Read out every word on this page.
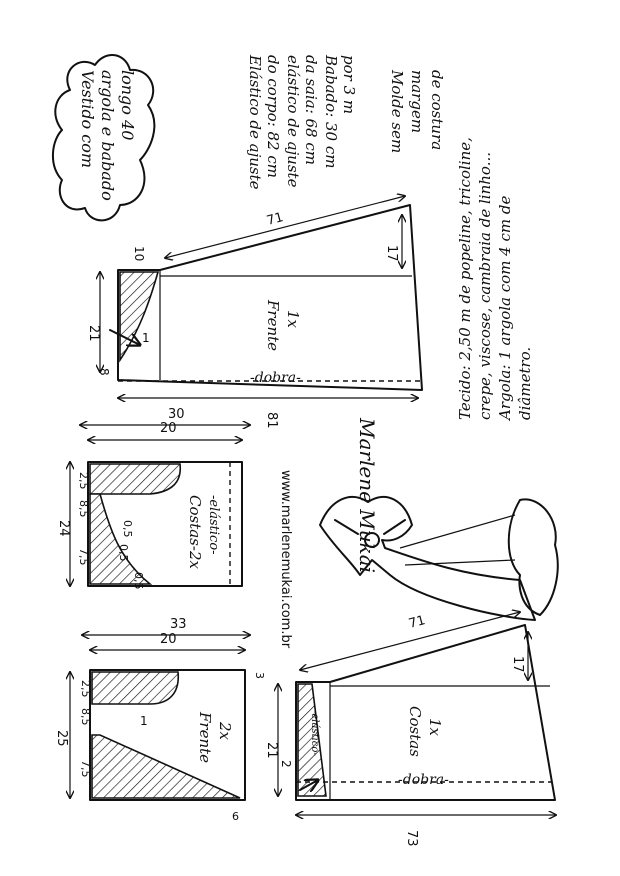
Vestido com argola e babado longo 40	Elástico de ajuste do corpo: 82 cm elástico de ajuste da saia: 68 cm Babado: 30 cm por 3 m Molde sem margem de costura
21
10
8
1
71
17
81
Frente 1x
-dobra-
20
30
24
2,5
8,5
7,5
0,5
0,5
0,5
Costas-2x -elástico-
20
33
25
2,5
8,5
7,5
1
3
6
Frente 2x
71
17
21
2
73
-elástico-	Costas 1x
-dobra-
www.marlenemukai.com.br	Marlene Mukai
Tecido: 2,50 m de popeline, tricoline, crepe, viscose, cambraia de linho... Argola: 1 argola com 4 cm de diâmetro.
